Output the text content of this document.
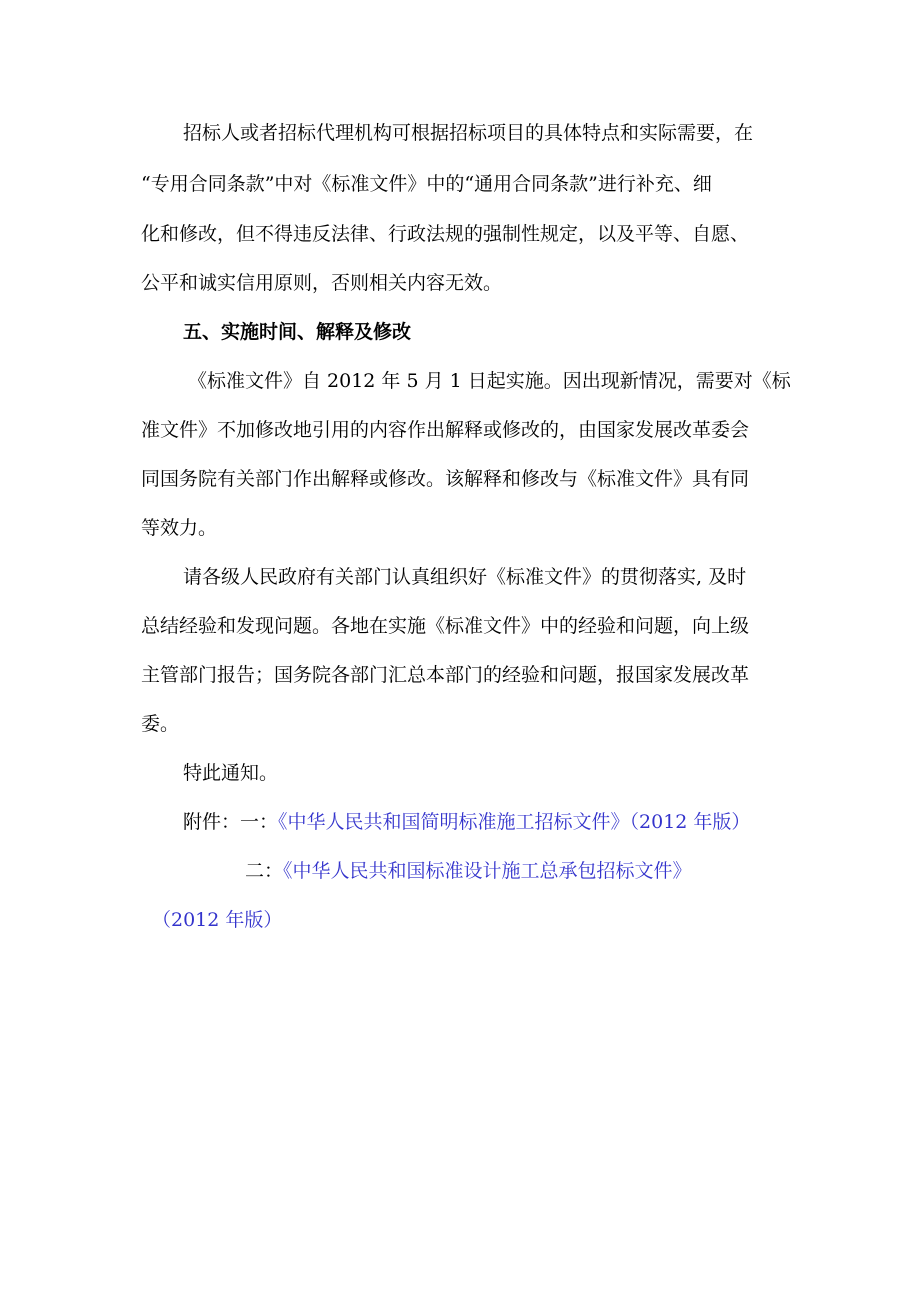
招标人或者招标代理机构可根据招标项目的具体特点和实际需要，在
“专用合同条款”中对《标准文件》中的“通用合同条款”进行补充、细
化和修改，但不得违反法律、行政法规的强制性规定，以及平等、自愿、
公平和诚实信用原则，否则相关内容无效。
五、实施时间、解释及修改
《标准文件》自 2012 年 5 月 1 日起实施。因出现新情况，需要对《标
准文件》不加修改地引用的内容作出解释或修改的，由国家发展改革委会
同国务院有关部门作出解释或修改。该解释和修改与《标准文件》具有同
等效力。
请各级人民政府有关部门认真组织好《标准文件》的贯彻落实, 及时
总结经验和发现问题。各地在实施《标准文件》中的经验和问题，向上级
主管部门报告；国务院各部门汇总本部门的经验和问题，报国家发展改革
委。
特此通知。
附件：一：《中华人民共和国简明标准施工招标文件》（2012 年版）
二：《中华人民共和国标准设计施工总承包招标文件》
（2012 年版）
